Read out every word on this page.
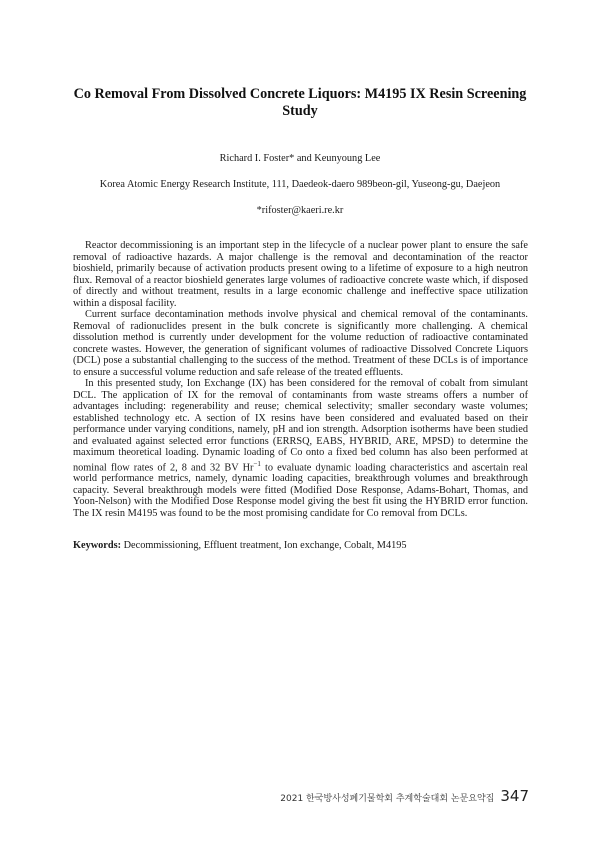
Co Removal From Dissolved Concrete Liquors: M4195 IX Resin Screening Study
Richard I. Foster* and Keunyoung Lee
Korea Atomic Energy Research Institute, 111, Daedeok-daero 989beon-gil, Yuseong-gu, Daejeon
*rifoster@kaeri.re.kr

Reactor decommissioning is an important step in the lifecycle of a nuclear power plant to ensure the safe removal of radioactive hazards. A major challenge is the removal and decontamination of the reactor bioshield, primarily because of activation products present owing to a lifetime of exposure to a high neutron flux. Removal of a reactor bioshield generates large volumes of radioactive concrete waste which, if disposed of directly and without treatment, results in a large economic challenge and ineffective space utilization within a disposal facility.

Current surface decontamination methods involve physical and chemical removal of the contaminants. Removal of radionuclides present in the bulk concrete is significantly more challenging. A chemical dissolution method is currently under development for the volume reduction of radioactive contaminated concrete wastes. However, the generation of significant volumes of radioactive Dissolved Concrete Liquors (DCL) pose a substantial challenging to the success of the method. Treatment of these DCLs is of importance to ensure a successful volume reduction and safe release of the treated effluents.

In this presented study, Ion Exchange (IX) has been considered for the removal of cobalt from simulant DCL. The application of IX for the removal of contaminants from waste streams offers a number of advantages including: regenerability and reuse; chemical selectivity; smaller secondary waste volumes; established technology etc. A section of IX resins have been considered and evaluated based on their performance under varying conditions, namely, pH and ion strength. Adsorption isotherms have been studied and evaluated against selected error functions (ERRSQ, EABS, HYBRID, ARE, MPSD) to determine the maximum theoretical loading. Dynamic loading of Co onto a fixed bed column has also been performed at nominal flow rates of 2, 8 and 32 BV $Hr^{-1}$ to evaluate dynamic loading characteristics and ascertain real world performance metrics, namely, dynamic loading capacities, breakthrough volumes and breakthrough capacity. Several breakthrough models were fitted (Modified Dose Response, Adams-Bohart, Thomas, and Yoon-Nelson) with the Modified Dose Response model giving the best fit using the HYBRID error function. The IX resin M4195 was found to be the most promising candidate for Co removal from DCLs.

Keywords: Decommissioning, Effluent treatment, Ion exchange, Cobalt, M4195
2021 한국방사성폐기물학회 추계학술대회 논문요약집 347
